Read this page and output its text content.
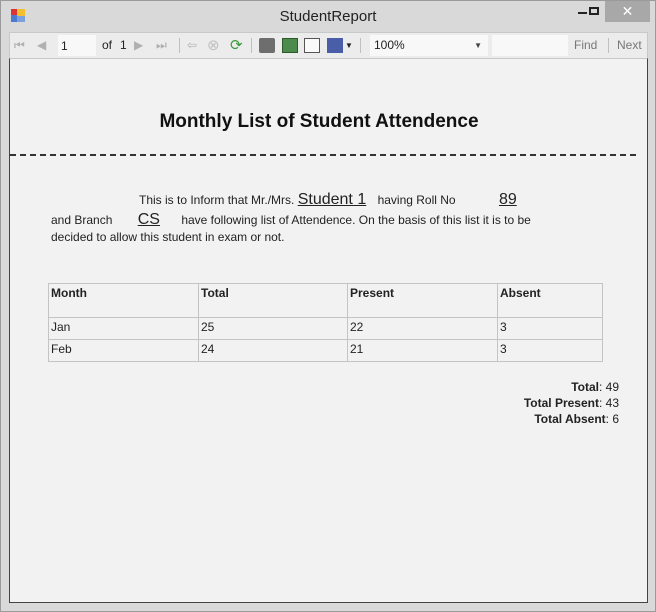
StudentReport	✕
⏮ ◀
1	of 1 ▶ ⏭ ⇦ ⊗ ⟳	▼	100%	▼	Find Next
Monthly List of Student Attendence
This is to Inform that Mr./Mrs. Student 1 having Roll No	89
and Branch CS have following list of Attendence. On the basis of this list it is to be
decided to allow this student in exam or not.
Month	Total	Present	Absent
Jan	25	22	3
Feb	24	21	3
Total: 49
Total Present: 43
Total Absent: 6
